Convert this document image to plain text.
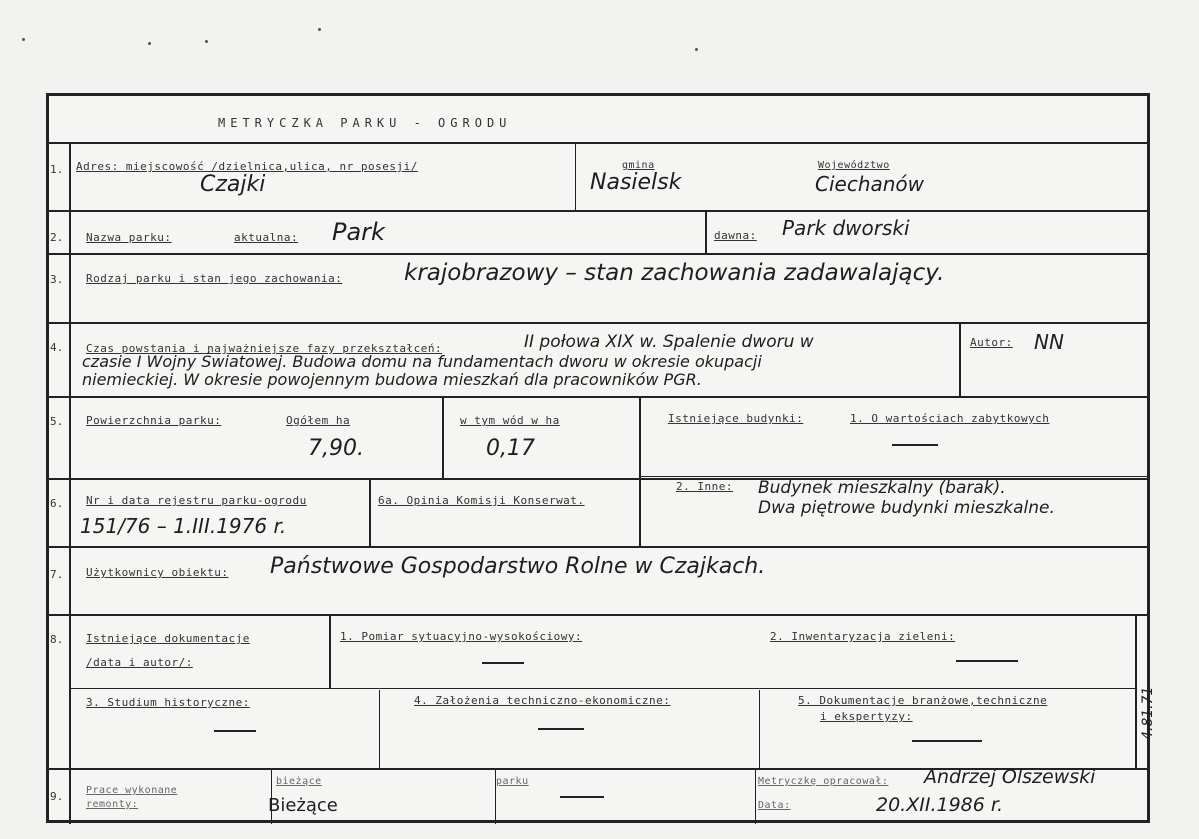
METRYCZKA PARKU - OGRODU
1. Adres: miejscowość /dzielnica,ulica, nr posesji/
Czajki
gmina
Nasielsk
Województwo
Ciechanów
2. Nazwa parku:	aktualna: Park	dawna: Park dworski
3. Rodzaj parku i stan jego zachowania:	krajobrazowy – stan zachowania zadawalający.
4. Czas powstania i najważniejsze fazy przekształceń:	II połowa XIX w. Spalenie dworu w
czasie I Wojny Światowej. Budowa domu na fundamentach dworu w okresie okupacji
niemieckiej. W okresie powojennym budowa mieszkań dla pracowników PGR.
Autor: NN
5. Powierzchnia parku:	Ogółem ha
7,90.
w tym wód w ha
0,17
Istniejące budynki:	1. O wartościach zabytkowych
6. Nr i data rejestru parku-ogrodu
151/76 – 1.III.1976 r.
6a. Opinia Komisji Konserwat.
2. Inne: Budynek mieszkalny (barak).
Dwa piętrowe budynki mieszkalne.
7. Użytkownicy obiektu: Państwowe Gospodarstwo Rolne w Czajkach.
8. Istniejące dokumentacje
/data i autor/:
1. Pomiar sytuacyjno-wysokościowy:	2. Inwentaryzacja zieleni:
3. Studium historyczne:	4. Założenia techniczno-ekonomiczne:	5. Dokumentacje branżowe,techniczne
i ekspertyzy:
9. Prace wykonane
remonty:
bieżące
Bieżące
parku	Metryczkę opracował: Andrzej Olszewski
Data:	20.XII.1986 r.
4.81.71
